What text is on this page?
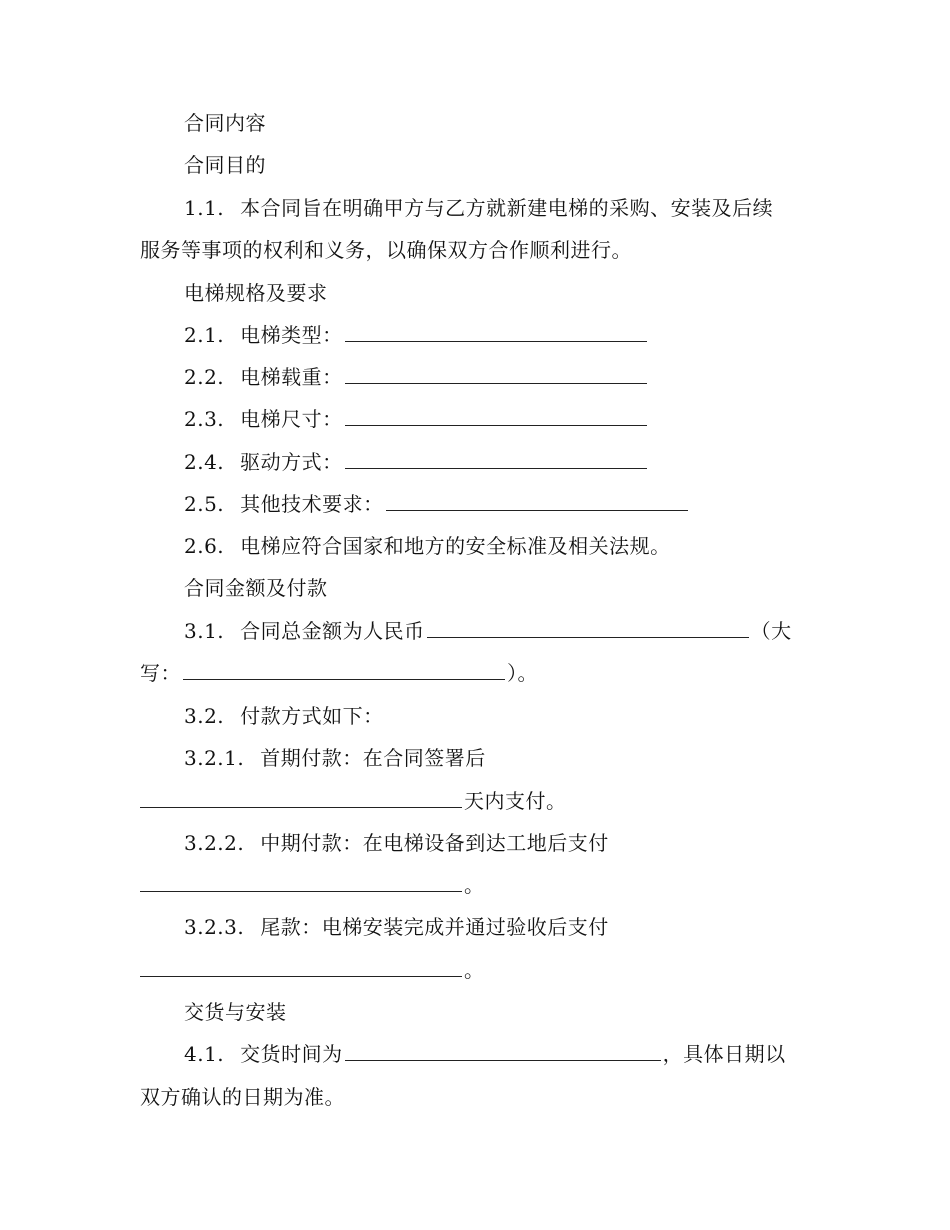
合同内容
合同目的
1.1. 本合同旨在明确甲方与乙方就新建电梯的采购、安装及后续
服务等事项的权利和义务，以确保双方合作顺利进行。
电梯规格及要求
2.1. 电梯类型：
2.2. 电梯载重：
2.3. 电梯尺寸：
2.4. 驱动方式：
2.5. 其他技术要求：
2.6. 电梯应符合国家和地方的安全标准及相关法规。
合同金额及付款
3.1. 合同总金额为人民币	（大
写：	）。
3.2. 付款方式如下：
3.2.1. 首期付款：在合同签署后
天内支付。
3.2.2. 中期付款：在电梯设备到达工地后支付
。
3.2.3. 尾款：电梯安装完成并通过验收后支付
。
交货与安装
4.1. 交货时间为	，具体日期以
双方确认的日期为准。
